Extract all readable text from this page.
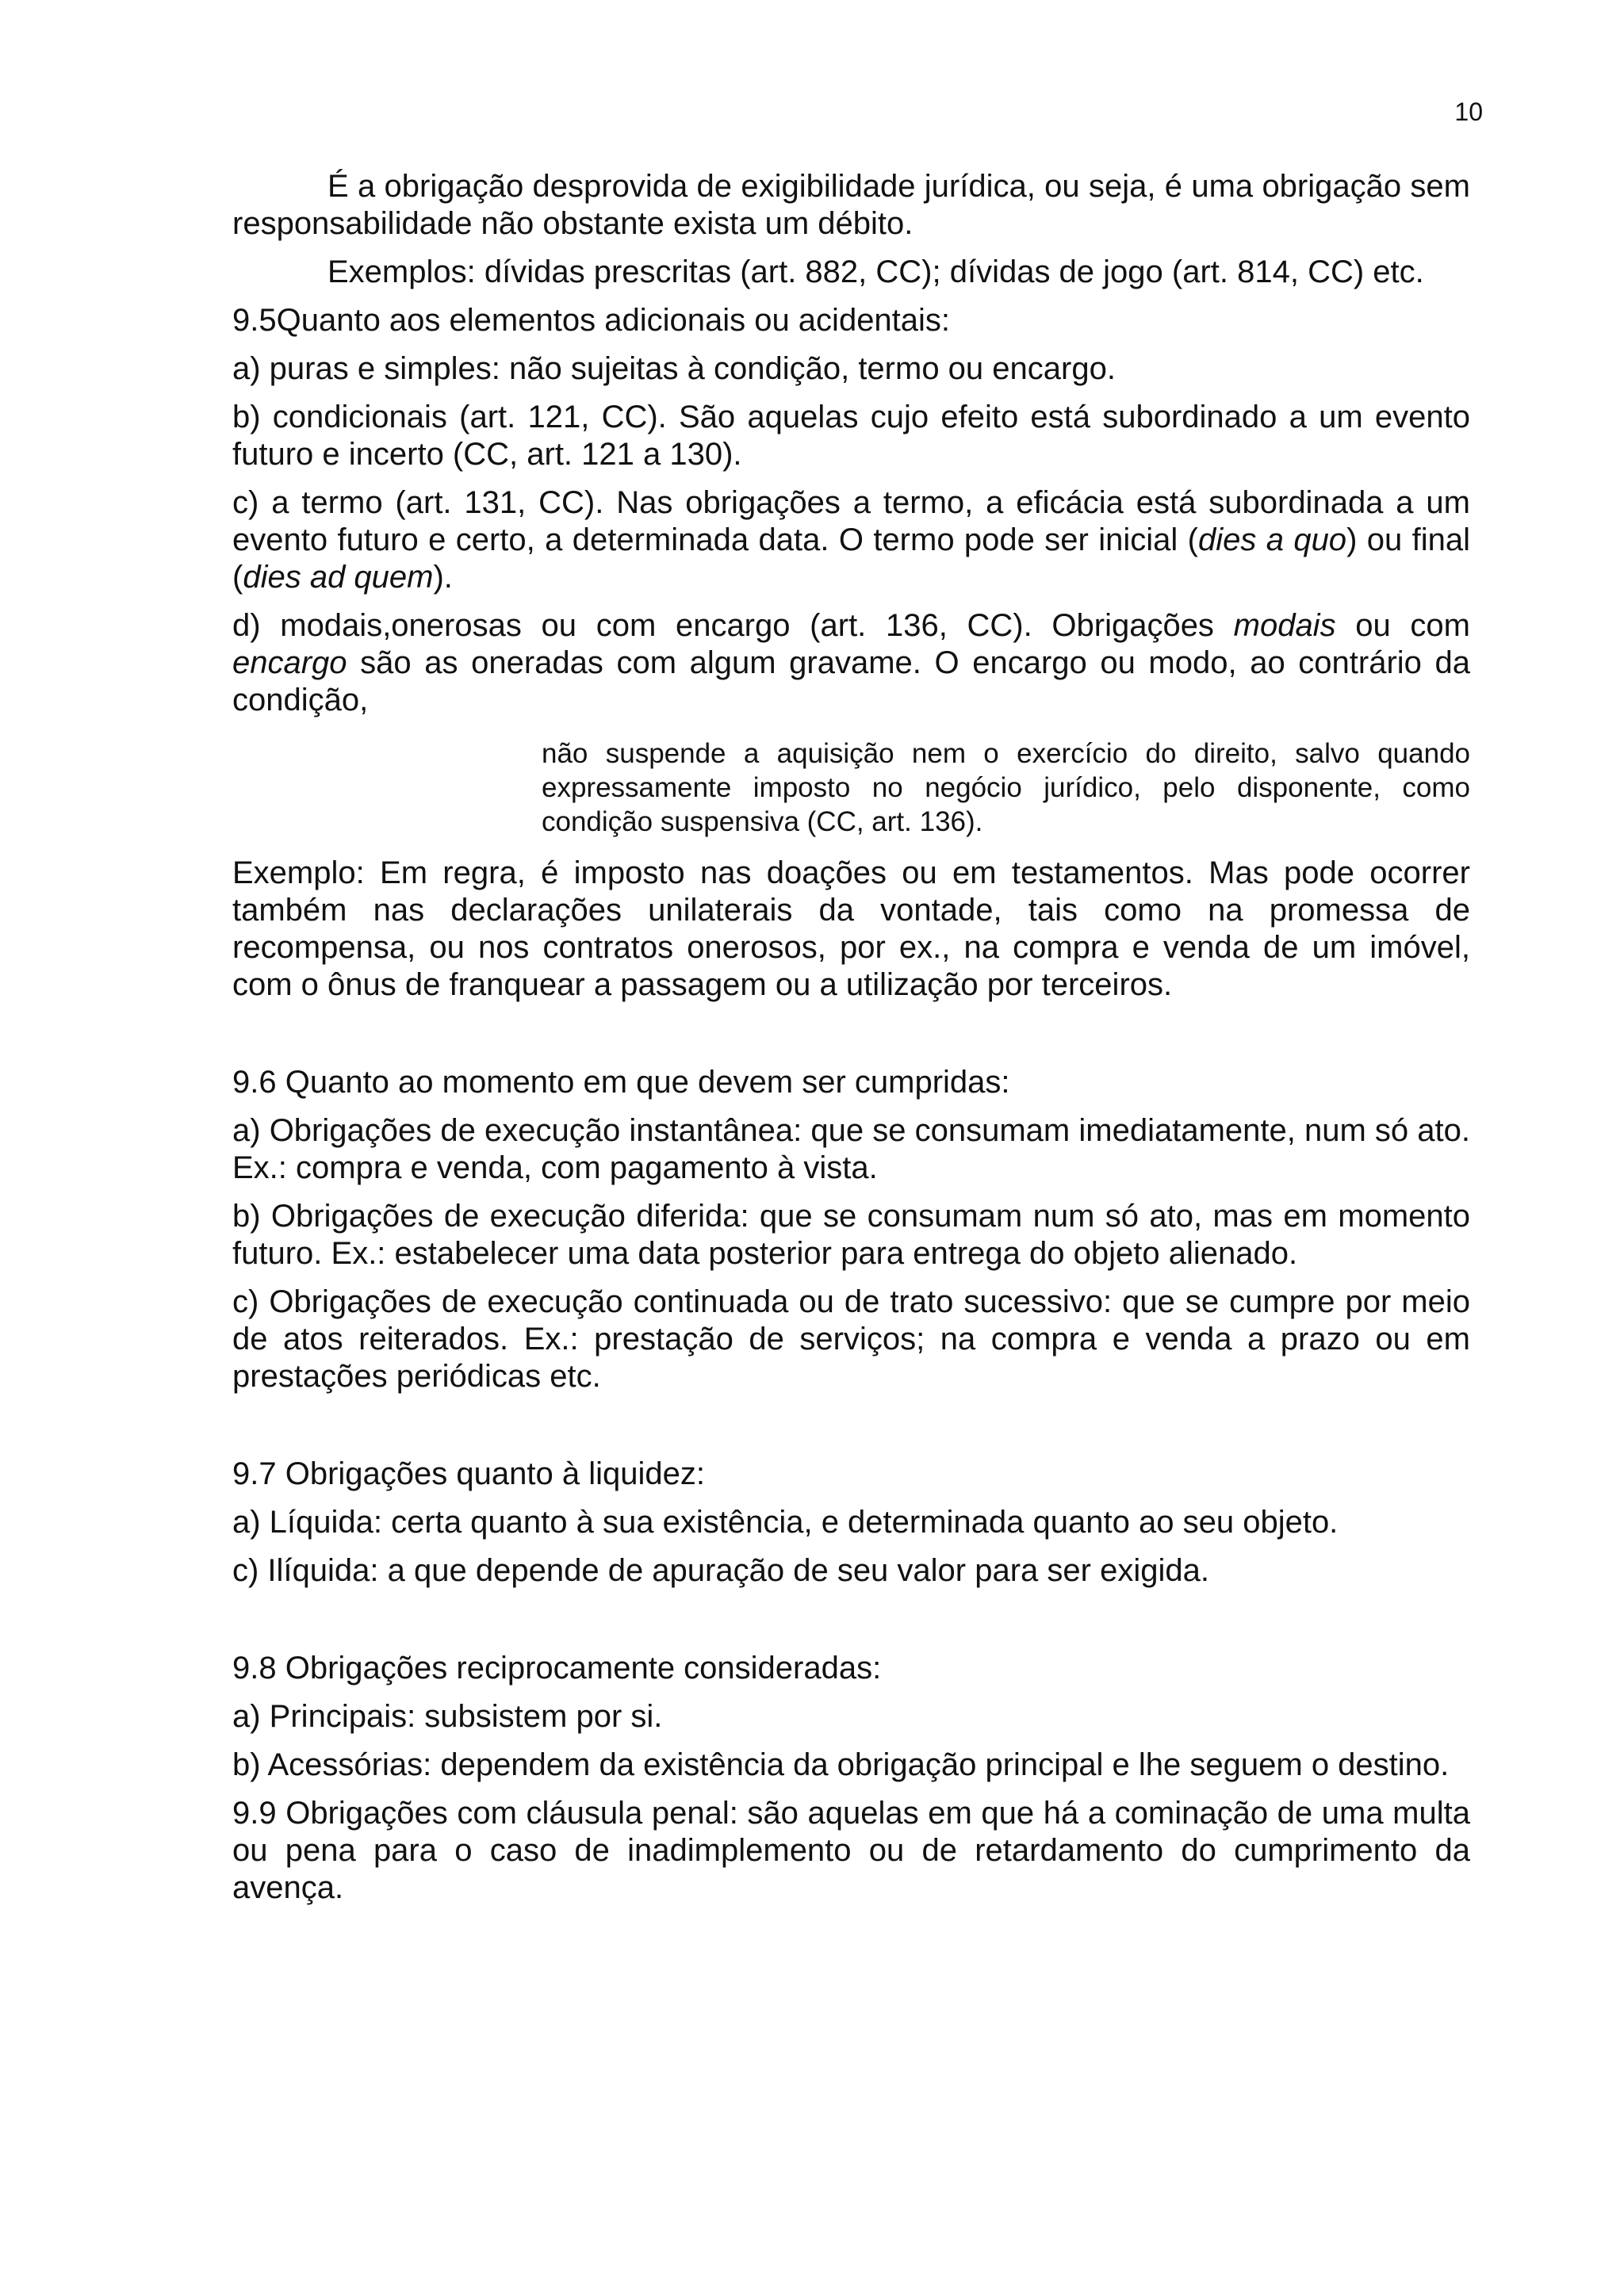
10

É a obrigação desprovida de exigibilidade jurídica, ou seja, é uma obrigação sem responsabilidade não obstante exista um débito.

Exemplos: dívidas prescritas (art. 882, CC); dívidas de jogo (art. 814, CC) etc.

9.5Quanto aos elementos adicionais ou acidentais:

a) puras e simples: não sujeitas à condição, termo ou encargo.

b) condicionais (art. 121, CC). São aquelas cujo efeito está subordinado a um evento futuro e incerto (CC, art. 121 a 130).

c) a termo (art. 131, CC). Nas obrigações a termo, a eficácia está subordinada a um evento futuro e certo, a determinada data. O termo pode ser inicial (dies a quo) ou final (dies ad quem).

d) modais,onerosas ou com encargo (art. 136, CC). Obrigações modais ou com encargo são as oneradas com algum gravame. O encargo ou modo, ao contrário da condição,

não suspende a aquisição nem o exercício do direito, salvo quando expressamente imposto no negócio jurídico, pelo disponente, como condição suspensiva (CC, art. 136).

Exemplo: Em regra, é imposto nas doações ou em testamentos. Mas pode ocorrer também nas declarações unilaterais da vontade, tais como na promessa de recompensa, ou nos contratos onerosos, por ex., na compra e venda de um imóvel, com o ônus de franquear a passagem ou a utilização por terceiros.

9.6 Quanto ao momento em que devem ser cumpridas:

a) Obrigações de execução instantânea: que se consumam imediatamente, num só ato. Ex.: compra e venda, com pagamento à vista.

b) Obrigações de execução diferida: que se consumam num só ato, mas em momento futuro. Ex.: estabelecer uma data posterior para entrega do objeto alienado.

c) Obrigações de execução continuada ou de trato sucessivo: que se cumpre por meio de atos reiterados. Ex.: prestação de serviços; na compra e venda a prazo ou em prestações periódicas etc.

9.7 Obrigações quanto à liquidez:

a) Líquida: certa quanto à sua existência, e determinada quanto ao seu objeto.

c) Ilíquida: a que depende de apuração de seu valor para ser exigida.

9.8 Obrigações reciprocamente consideradas:

a) Principais: subsistem por si.

b) Acessórias: dependem da existência da obrigação principal e lhe seguem o destino.

9.9 Obrigações com cláusula penal: são aquelas em que há a cominação de uma multa ou pena para o caso de inadimplemento ou de retardamento do cumprimento da avença.
